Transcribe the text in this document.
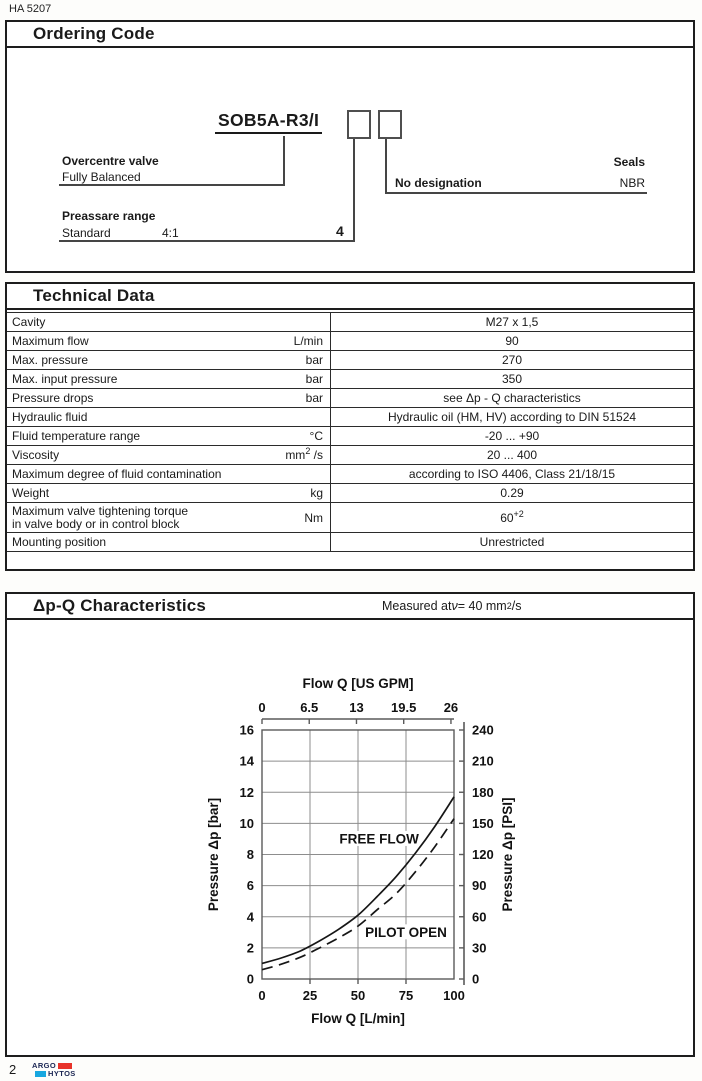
HA 5207
Ordering Code
SOB5A-R3/I
Overcentre valve
Fully Balanced
Preassare range
Standard	4:1	4
No designation
Seals
NBR
Technical Data
Cavity	M27 x 1,5
Maximum flow	L/min	90
Max. pressure	bar	270
Max. input pressure	bar	350
Pressure drops	bar	see Δp - Q characteristics
Hydraulic fluid	Hydraulic oil (HM, HV) according to DIN 51524
Fluid temperature range	°C	-20 ... +90
Viscosity	$mm^2$ /s	20 ... 400
Maximum degree of fluid contamination	according to ISO 4406, Class 21/18/15
Weight	kg	0.29
Maximum valve tightening torque
in valve body or in control block	Nm	$60^{+2}$
Mounting position	Unrestricted
Δp-Q Characteristics	Measured at ν = 40 mm 2 /s
0	6.5 13 19.5 26
Flow Q [US GPM]
0
30
60
90
120
150
180
210
240
Pressure Δp [PSI]
0
2
4
6
8
10
12
14
16
Pressure Δp [bar]
0	25	50	75 100
Flow Q [L/min]
FREE FLOW
PILOT OPEN
2 ARGO
HYTOS
